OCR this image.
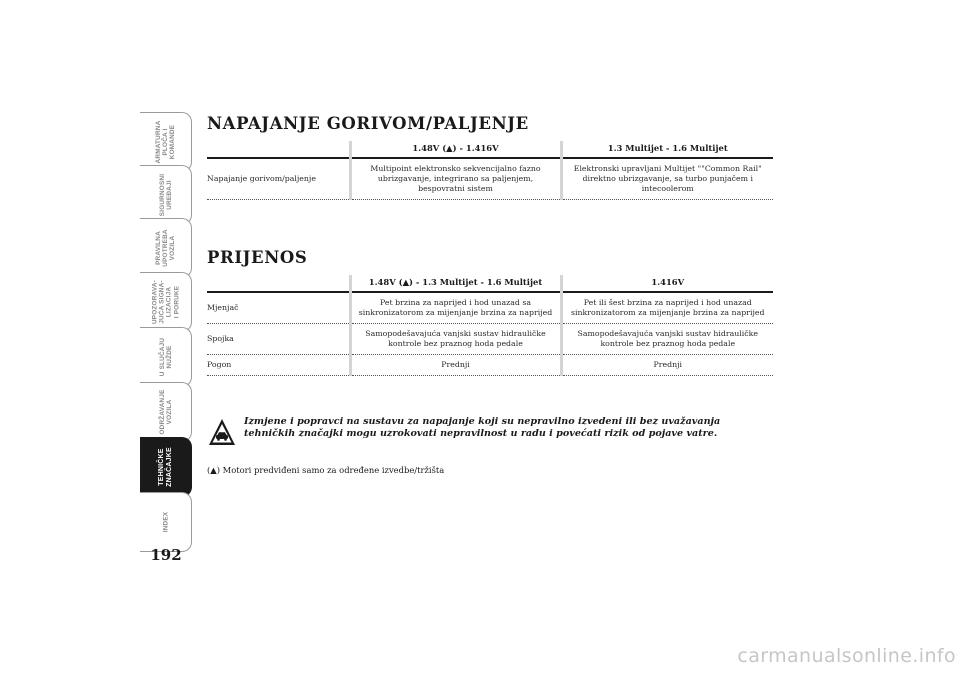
ARMATURNA
PLOČA I
KOMANDE
SIGURNOSNI
UREĐAJI
PRAVILNA
UPOTREBA
VOZILA
UPOZORAVA-
JUĆA SIGNA-
LIZACIJA
I PORUKE
U SLUČAJU
NUŽDE
ODRŽAVANJE
VOZILA
TEHNIČKE
ZNAČAJKE
INDEX
192
NAPAJANJE GORIVOM/PALJENJE
	1.48V (▲) - 1.416V	1.3 Multijet - 1.6 Multijet
Napajanje gorivom/paljenje	Multipoint elektronsko sekvencijalno fazno ubrizgavanje, integrirano sa paljenjem, bespovratni sistem	Elektronski upravljani Multijet ""Common Rail" direktno ubrizgavanje, sa turbo punjačem i intecoolerom
PRIJENOS
	1.48V (▲) - 1.3 Multijet - 1.6 Multijet	1.416V
Mjenjač	Pet brzina za naprijed i hod unazad sa sinkronizatorom za mijenjanje brzina za naprijed	Pet ili šest brzina za naprijed i hod unazad sinkronizatorom za mijenjanje brzina za naprijed
Spojka	Samopodešavajuća vanjski sustav hidrauličke kontrole bez praznog hoda pedale	Samopodešavajuća vanjski sustav hidrauličke kontrole bez praznog hoda pedale
Pogon	Prednji	Prednji
Izmjene i popravci na sustavu za napajanje koji su nepravilno izvedeni ili bez uvažavanja tehničkih značajki mogu uzrokovati nepravilnost u radu i povećati rizik od pojave vatre.
(▲) Motori predviđeni samo za određene izvedbe/tržišta
carmanualsonline.info
